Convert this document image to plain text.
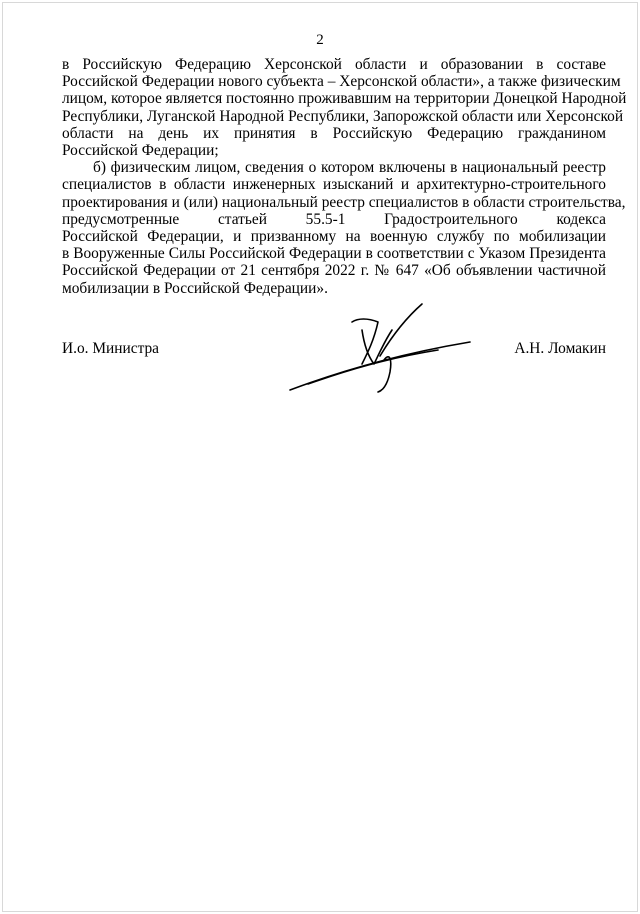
2
в Российскую Федерацию Херсонской области и образовании в составе
Российской Федерации нового субъекта – Херсонской области», а также физическим
лицом, которое является постоянно проживавшим на территории Донецкой Народной
Республики, Луганской Народной Республики, Запорожской области или Херсонской
области на день их принятия в Российскую Федерацию гражданином
Российской Федерации;
б) физическим лицом, сведения о котором включены в национальный реестр
специалистов в области инженерных изысканий и архитектурно-строительного
проектирования и (или) национальный реестр специалистов в области строительства,
предусмотренные статьей 55.5-1 Градостроительного кодекса
Российской Федерации, и призванному на военную службу по мобилизации
в Вооруженные Силы Российской Федерации в соответствии с Указом Президента
Российской Федерации от 21 сентября 2022 г. № 647 «Об объявлении частичной
мобилизации в Российской Федерации».
И.о. Министра	А.Н. Ломакин
